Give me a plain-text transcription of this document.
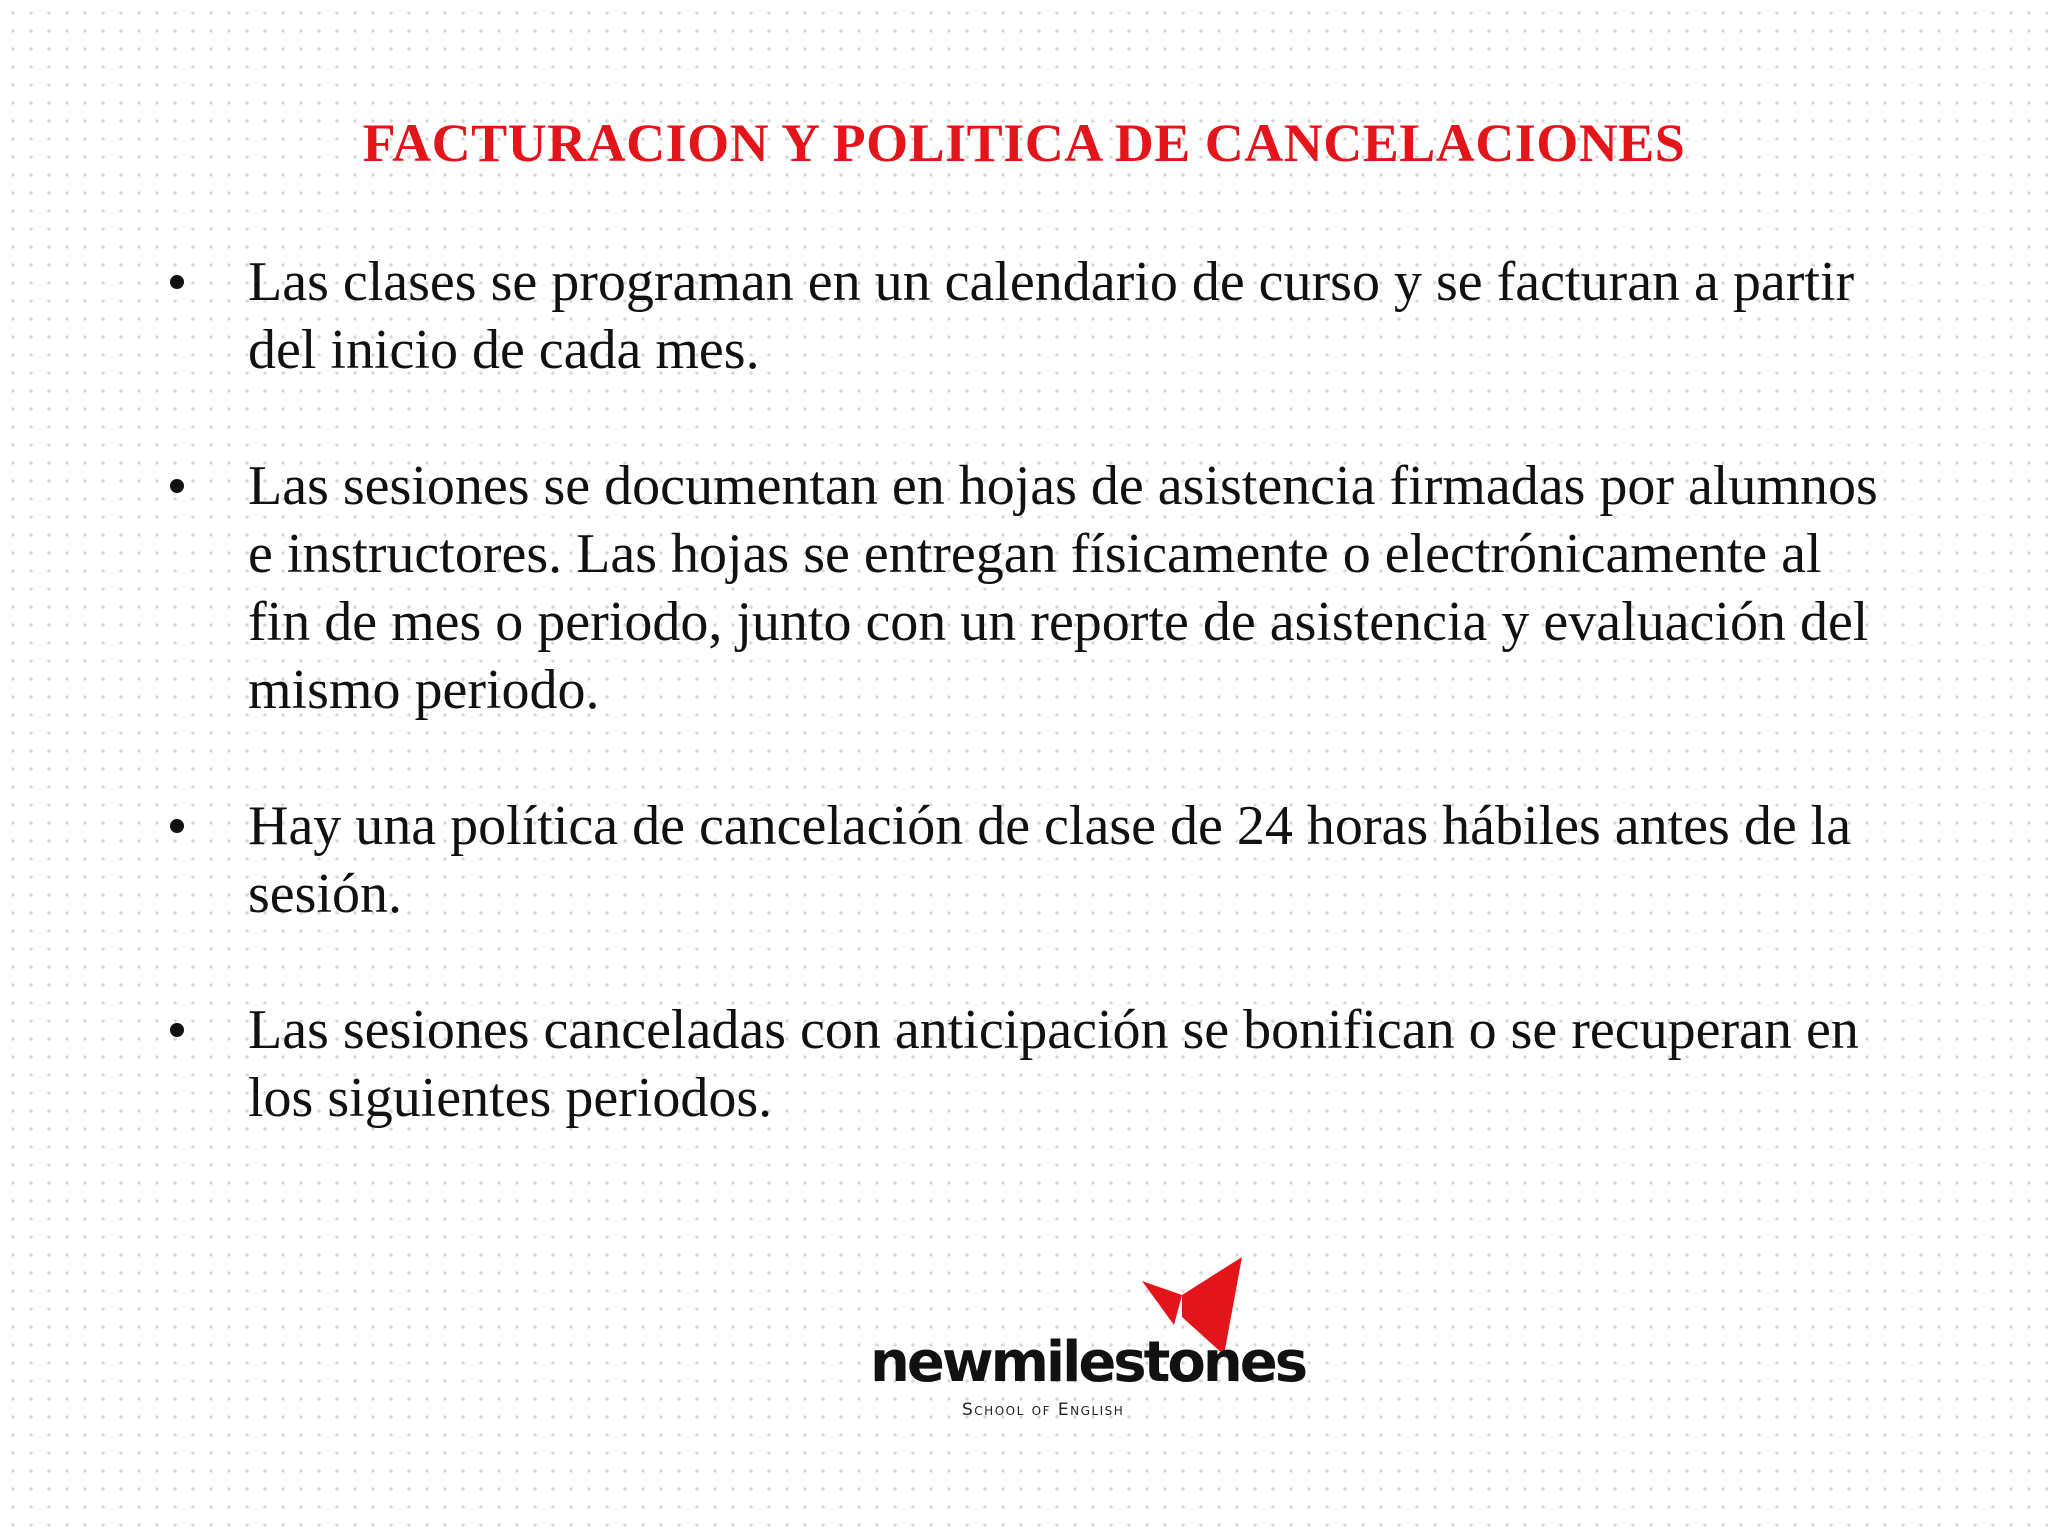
FACTURACION Y POLITICA DE CANCELACIONES
Las clases se programan en un calendario de curso y se facturan a partir del inicio de cada mes.
Las sesiones se documentan en hojas de asistencia firmadas por alumnos e instructores. Las hojas se entregan físicamente o electrónicamente al fin de mes o periodo, junto con un reporte de asistencia y evaluación del mismo periodo.
Hay una política de cancelación de clase de 24 horas hábiles antes de la sesión.
Las sesiones canceladas con anticipación se bonifican o se recuperan en los siguientes periodos.
newmilestones
School of English
